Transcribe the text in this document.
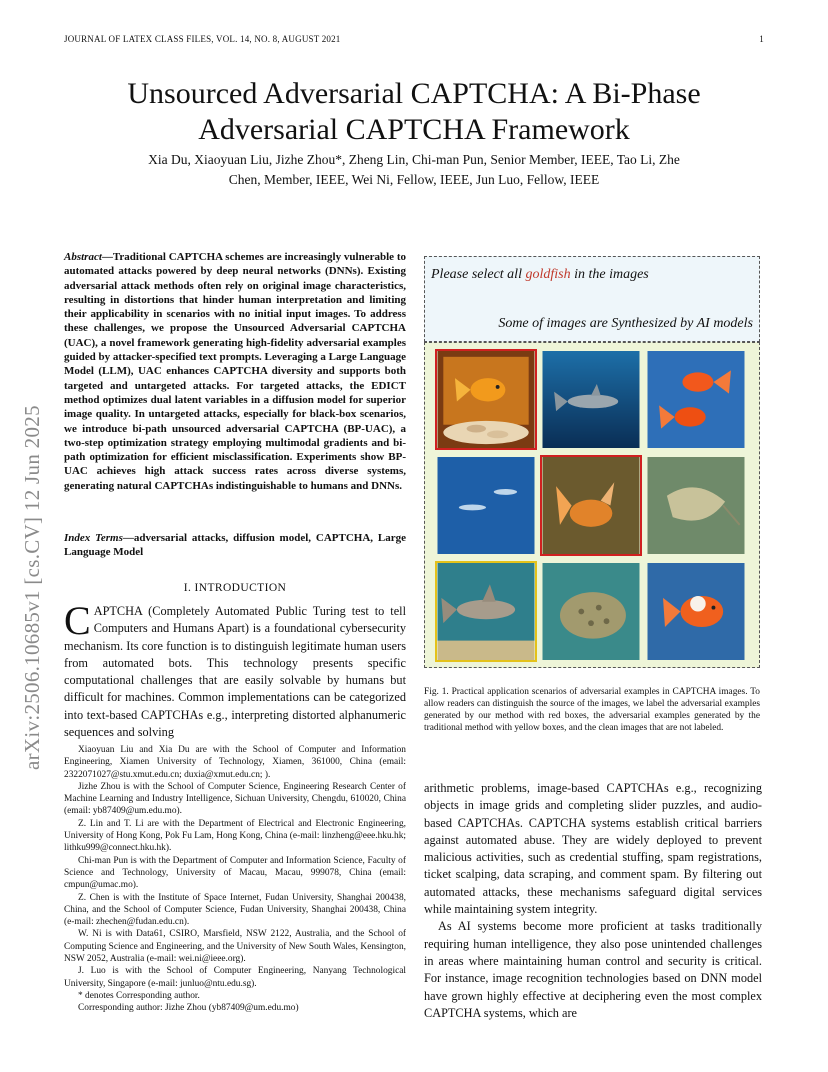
JOURNAL OF LATEX CLASS FILES, VOL. 14, NO. 8, AUGUST 2021	1
Unsourced Adversarial CAPTCHA: A Bi-Phase
Adversarial CAPTCHA Framework
Xia Du, Xiaoyuan Liu, Jizhe Zhou*, Zheng Lin, Chi-man Pun, Senior Member, IEEE, Tao Li, Zhe
Chen, Member, IEEE, Wei Ni, Fellow, IEEE, Jun Luo, Fellow, IEEE
arXiv:2506.10685v1 [cs.CV] 12 Jun 2025
Abstract—Traditional CAPTCHA schemes are increasingly vulnerable to automated attacks powered by deep neural networks (DNNs). Existing adversarial attack methods often rely on original image characteristics, resulting in distortions that hinder human interpretation and limiting their applicability in scenarios with no initial input images. To address these challenges, we propose the Unsourced Adversarial CAPTCHA (UAC), a novel framework generating high-fidelity adversarial examples guided by attacker-specified text prompts. Leveraging a Large Language Model (LLM), UAC enhances CAPTCHA diversity and supports both targeted and untargeted attacks. For targeted attacks, the EDICT method optimizes dual latent variables in a diffusion model for superior image quality. In untargeted attacks, especially for black-box scenarios, we introduce bi-path unsourced adversarial CAPTCHA (BP-UAC), a two-step optimization strategy employing multimodal gradients and bi-path optimization for efficient misclassification. Experiments show BP-UAC achieves high attack success rates across diverse systems, generating natural CAPTCHAs indistinguishable to humans and DNNs.
Index Terms—adversarial attacks, diffusion model, CAPTCHA, Large Language Model
I. INTRODUCTION
CAPTCHA (Completely Automated Public Turing test to tell Computers and Humans Apart) is a foundational cybersecurity mechanism. Its core function is to distinguish legitimate human users from automated bots. This technology presents specific computational challenges that are easily solvable by humans but difficult for machines. Common implementations can be categorized into text-based CAPTCHAs e.g., interpreting distorted alphanumeric sequences and solving

Xiaoyuan Liu and Xia Du are with the School of Computer and Information Engineering, Xiamen University of Technology, Xiamen, 361000, China (email: 2322071027@stu.xmut.edu.cn; duxia@xmut.edu.cn; ).

Jizhe Zhou is with the School of Computer Science, Engineering Research Center of Machine Learning and Industry Intelligence, Sichuan University, Chengdu, 610020, China (email: yb87409@um.edu.mo).

Z. Lin and T. Li are with the Department of Electrical and Electronic Engineering, University of Hong Kong, Pok Fu Lam, Hong Kong, China (e-mail: linzheng@eee.hku.hk; lithku999@connect.hku.hk).

Chi-man Pun is with the Department of Computer and Information Science, Faculty of Science and Technology, University of Macau, Macau, 999078, China (email: cmpun@umac.mo).

Z. Chen is with the Institute of Space Internet, Fudan University, Shanghai 200438, China, and the School of Computer Science, Fudan University, Shanghai 200438, China (e-mail: zhechen@fudan.edu.cn).

W. Ni is with Data61, CSIRO, Marsfield, NSW 2122, Australia, and the School of Computing Science and Engineering, and the University of New South Wales, Kensington, NSW 2052, Australia (e-mail: wei.ni@ieee.org).

J. Luo is with the School of Computer Engineering, Nanyang Technological University, Singapore (e-mail: junluo@ntu.edu.sg).

* denotes Corresponding author.

Corresponding author: Jizhe Zhou (yb87409@um.edu.mo)

Please select all goldfish in the images
Some of images are Synthesized by AI models
Fig. 1. Practical application scenarios of adversarial examples in CAPTCHA images. To allow readers can distinguish the source of the images, we label the adversarial examples generated by our method with red boxes, the adversarial examples generated by the traditional method with yellow boxes, and the clean images that are not labeled.

arithmetic problems, image-based CAPTCHAs e.g., recognizing objects in image grids and completing slider puzzles, and audio-based CAPTCHAs. CAPTCHA systems establish critical barriers against automated abuse. They are widely deployed to prevent malicious activities, such as credential stuffing, spam registrations, ticket scalping, data scraping, and comment spam. By filtering out automated attacks, these mechanisms safeguard digital services while maintaining system integrity.

As AI systems become more proficient at tasks traditionally requiring human intelligence, they also pose unintended challenges in areas where maintaining human control and security is critical. For instance, image recognition technologies based on DNN model have grown highly effective at deciphering even the most complex CAPTCHA systems, which are
